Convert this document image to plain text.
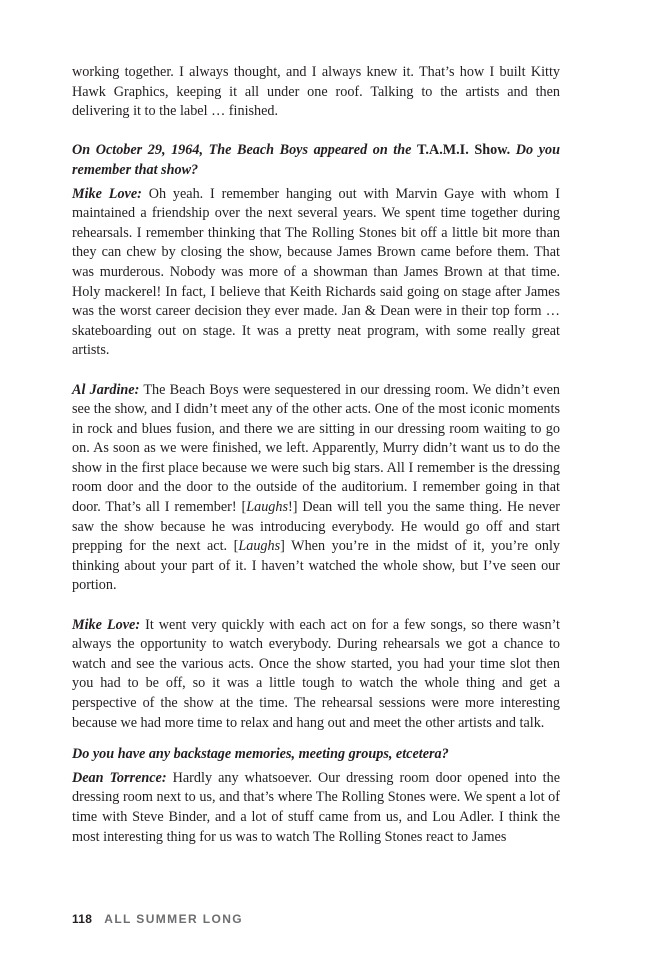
working together. I always thought, and I always knew it. That’s how I built Kitty Hawk Graphics, keeping it all under one roof. Talking to the artists and then delivering it to the label … finished.

On October 29, 1964, The Beach Boys appeared on the T.A.M.I. Show. Do you remember that show?

Mike Love: Oh yeah. I remember hanging out with Marvin Gaye with whom I maintained a friendship over the next several years. We spent time together during rehearsals. I remember thinking that The Rolling Stones bit off a little bit more than they can chew by closing the show, because James Brown came before them. That was murderous. Nobody was more of a showman than James Brown at that time. Holy mackerel! In fact, I believe that Keith Richards said going on stage after James was the worst career decision they ever made. Jan & Dean were in their top form … skateboarding out on stage. It was a pretty neat program, with some really great artists.

Al Jardine: The Beach Boys were sequestered in our dressing room. We didn’t even see the show, and I didn’t meet any of the other acts. One of the most iconic moments in rock and blues fusion, and there we are sitting in our dressing room waiting to go on. As soon as we were finished, we left. Apparently, Murry didn’t want us to do the show in the first place because we were such big stars. All I remember is the dressing room door and the door to the outside of the auditorium. I remember going in that door. That’s all I remember! [Laughs!] Dean will tell you the same thing. He never saw the show because he was introducing everybody. He would go off and start prepping for the next act. [Laughs] When you’re in the midst of it, you’re only thinking about your part of it. I haven’t watched the whole show, but I’ve seen our portion.

Mike Love: It went very quickly with each act on for a few songs, so there wasn’t always the opportunity to watch everybody. During rehearsals we got a chance to watch and see the various acts. Once the show started, you had your time slot then you had to be off, so it was a little tough to watch the whole thing and get a perspective of the show at the time. The rehearsal sessions were more interesting because we had more time to relax and hang out and meet the other artists and talk.

Do you have any backstage memories, meeting groups, etcetera?

Dean Torrence: Hardly any whatsoever. Our dressing room door opened into the dressing room next to us, and that’s where The Rolling Stones were. We spent a lot of time with Steve Binder, and a lot of stuff came from us, and Lou Adler. I think the most interesting thing for us was to watch The Rolling Stones react to James

118 ALL SUMMER LONG
